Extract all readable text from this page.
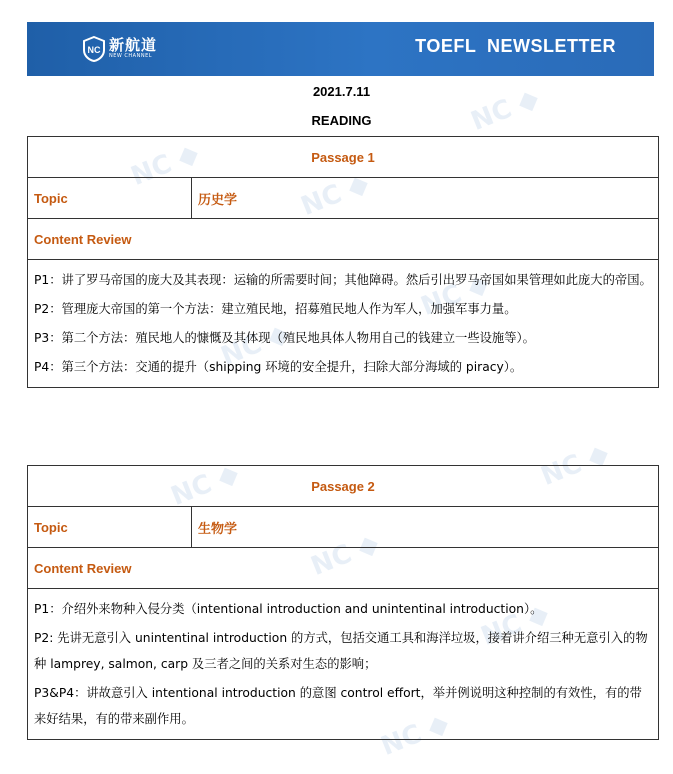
NC ◆
NC ◆
NC ◆
NC ◆
NC ◆
NC ◆
NC ◆
NC ◆
NC ◆
NC ◆
NC 新航道
NEW CHANNEL	TOEFL  NEWSLETTER
2021.7.11
READING
Passage 1
Topic	历史学
Content Review

P1：讲了罗马帝国的庞大及其表现：运输的所需要时间；其他障碍。然后引出罗马帝国如果管理如此庞大的帝国。
P2：管理庞大帝国的第一个方法：建立殖民地，招募殖民地人作为军人，加强军事力量。
P3：第二个方法：殖民地人的慷慨及其体现（殖民地具体人物用自己的钱建立一些设施等）。
P4：第三个方法：交通的提升（shipping 环境的安全提升，扫除大部分海域的 piracy）。
Passage 2
Topic	生物学
Content Review

P1：介绍外来物种入侵分类（intentional introduction and unintentinal introduction）。
P2: 先讲无意引入 unintentinal introduction 的方式，包括交通工具和海洋垃圾，接着讲介绍三种无意引入的物种 lamprey, salmon, carp 及三者之间的关系对生态的影响；
P3&P4：讲故意引入 intentional introduction 的意图 control effort，举并例说明这种控制的有效性，有的带来好结果，有的带来副作用。
